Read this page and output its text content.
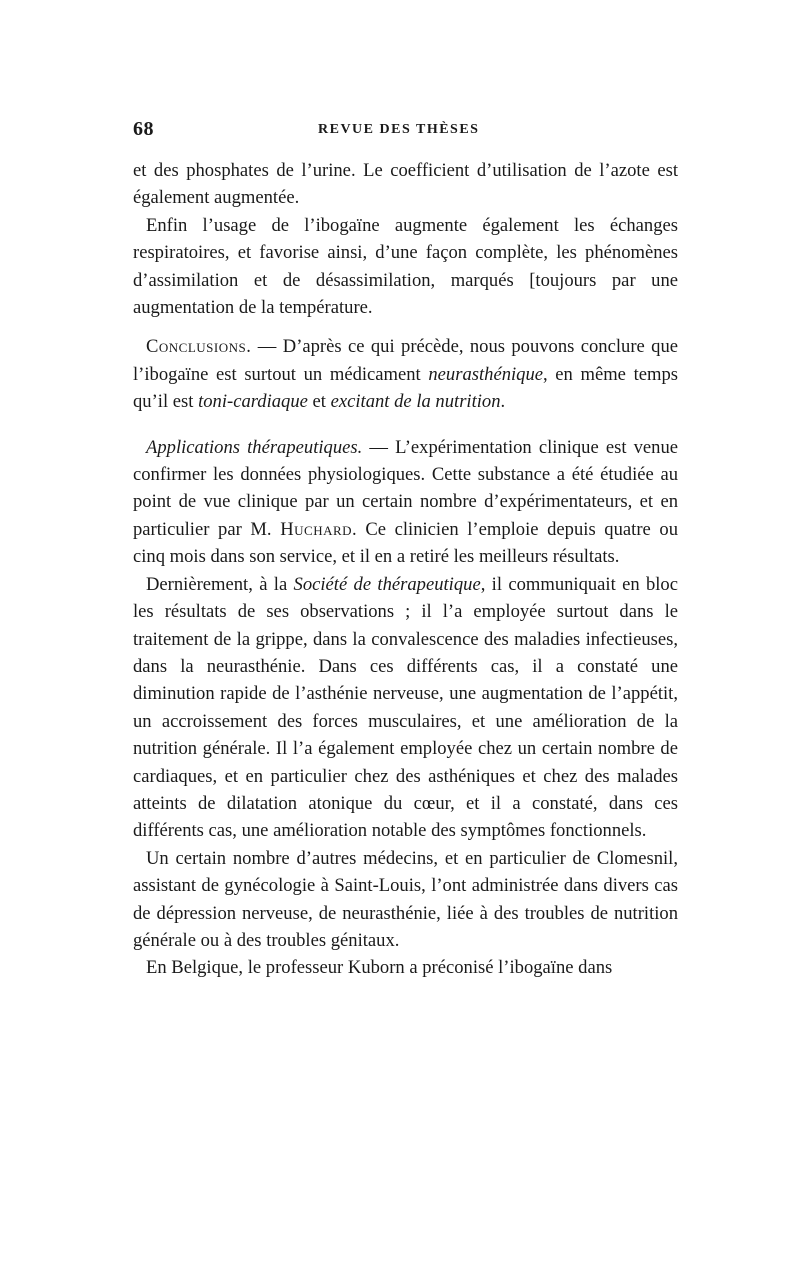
68	REVUE DES THÈSES

et des phosphates de l’urine. Le coefficient d’utilisation de l’azote est également augmentée.

Enfin l’usage de l’ibogaïne augmente également les échanges respiratoires, et favorise ainsi, d’une façon complète, les phénomènes d’assimilation et de désassimilation, marqués [toujours par une augmentation de la température.

Conclusions. — D’après ce qui précède, nous pouvons conclure que l’ibogaïne est surtout un médicament neurasthénique, en même temps qu’il est toni-cardiaque et excitant de la nutrition.

Applications thérapeutiques. — L’expérimentation clinique est venue confirmer les données physiologiques. Cette substance a été étudiée au point de vue clinique par un certain nombre d’expérimentateurs, et en particulier par M. Huchard. Ce clinicien l’emploie depuis quatre ou cinq mois dans son service, et il en a retiré les meilleurs résultats.

Dernièrement, à la Société de thérapeutique, il communiquait en bloc les résultats de ses observations ; il l’a employée surtout dans le traitement de la grippe, dans la convalescence des maladies infectieuses, dans la neurasthénie. Dans ces différents cas, il a constaté une diminution rapide de l’asthénie nerveuse, une augmentation de l’appétit, un accroissement des forces musculaires, et une amélioration de la nutrition générale. Il l’a également employée chez un certain nombre de cardiaques, et en particulier chez des asthéniques et chez des malades atteints de dilatation atonique du cœur, et il a constaté, dans ces différents cas, une amélioration notable des symptômes fonctionnels.

Un certain nombre d’autres médecins, et en particulier de Clomesnil, assistant de gynécologie à Saint-Louis, l’ont administrée dans divers cas de dépression nerveuse, de neurasthénie, liée à des troubles de nutrition générale ou à des troubles génitaux.

En Belgique, le professeur Kuborn a préconisé l’ibogaïne dans
